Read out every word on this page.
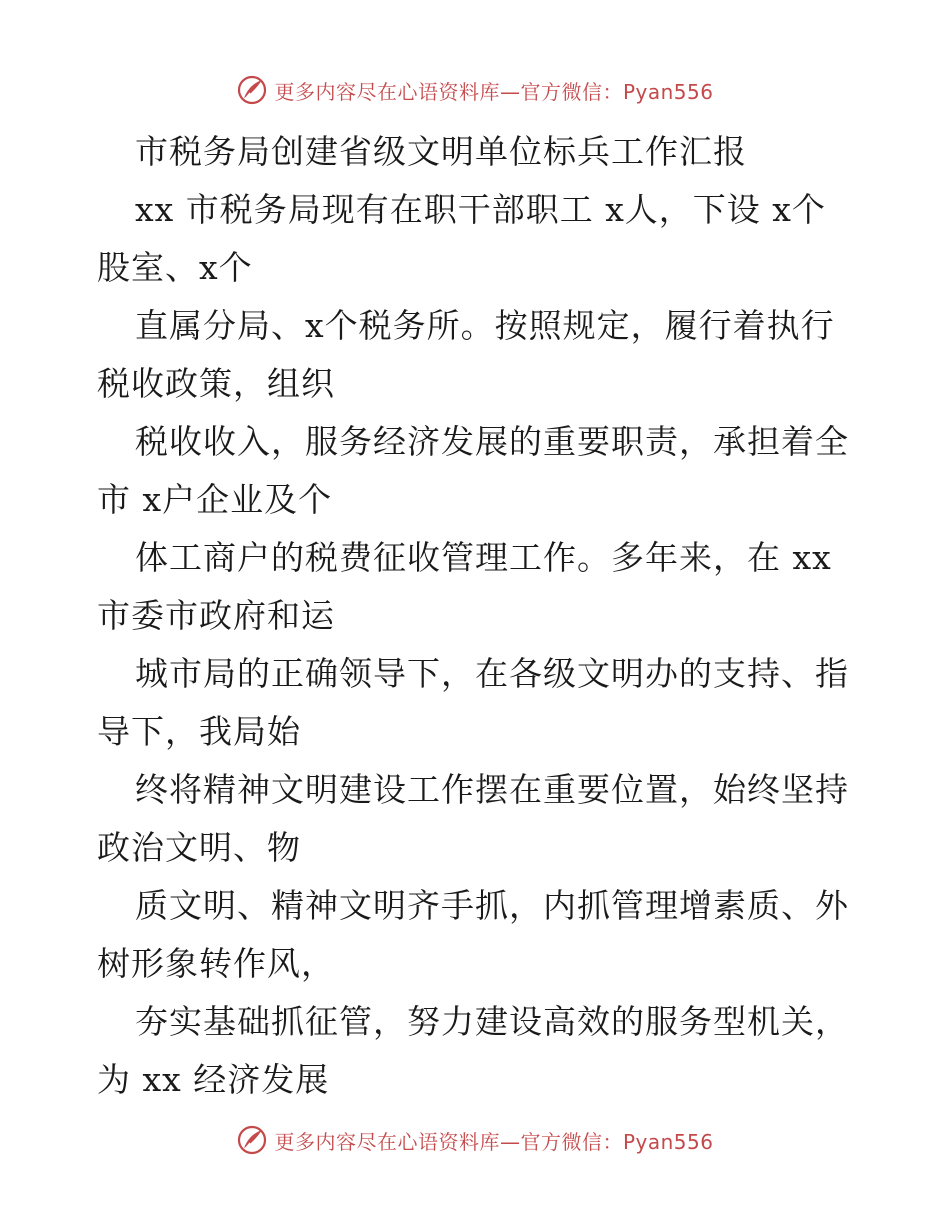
更多内容尽在心语资料库—官方微信：Pyan556
市税务局创建省级文明单位标兵工作汇报
xx 市税务局现有在职干部职工 x人，下设 x个
股室、x个
直属分局、x个税务所。按照规定，履行着执行
税收政策，组织
税收收入，服务经济发展的重要职责，承担着全
市 x户企业及个
体工商户的税费征收管理工作。多年来，在 xx
市委市政府和运
城市局的正确领导下，在各级文明办的支持、指
导下，我局始
终将精神文明建设工作摆在重要位置，始终坚持
政治文明、物
质文明、精神文明齐手抓，内抓管理增素质、外
树形象转作风，
夯实基础抓征管，努力建设高效的服务型机关，
为 xx 经济发展
更多内容尽在心语资料库—官方微信：Pyan556
